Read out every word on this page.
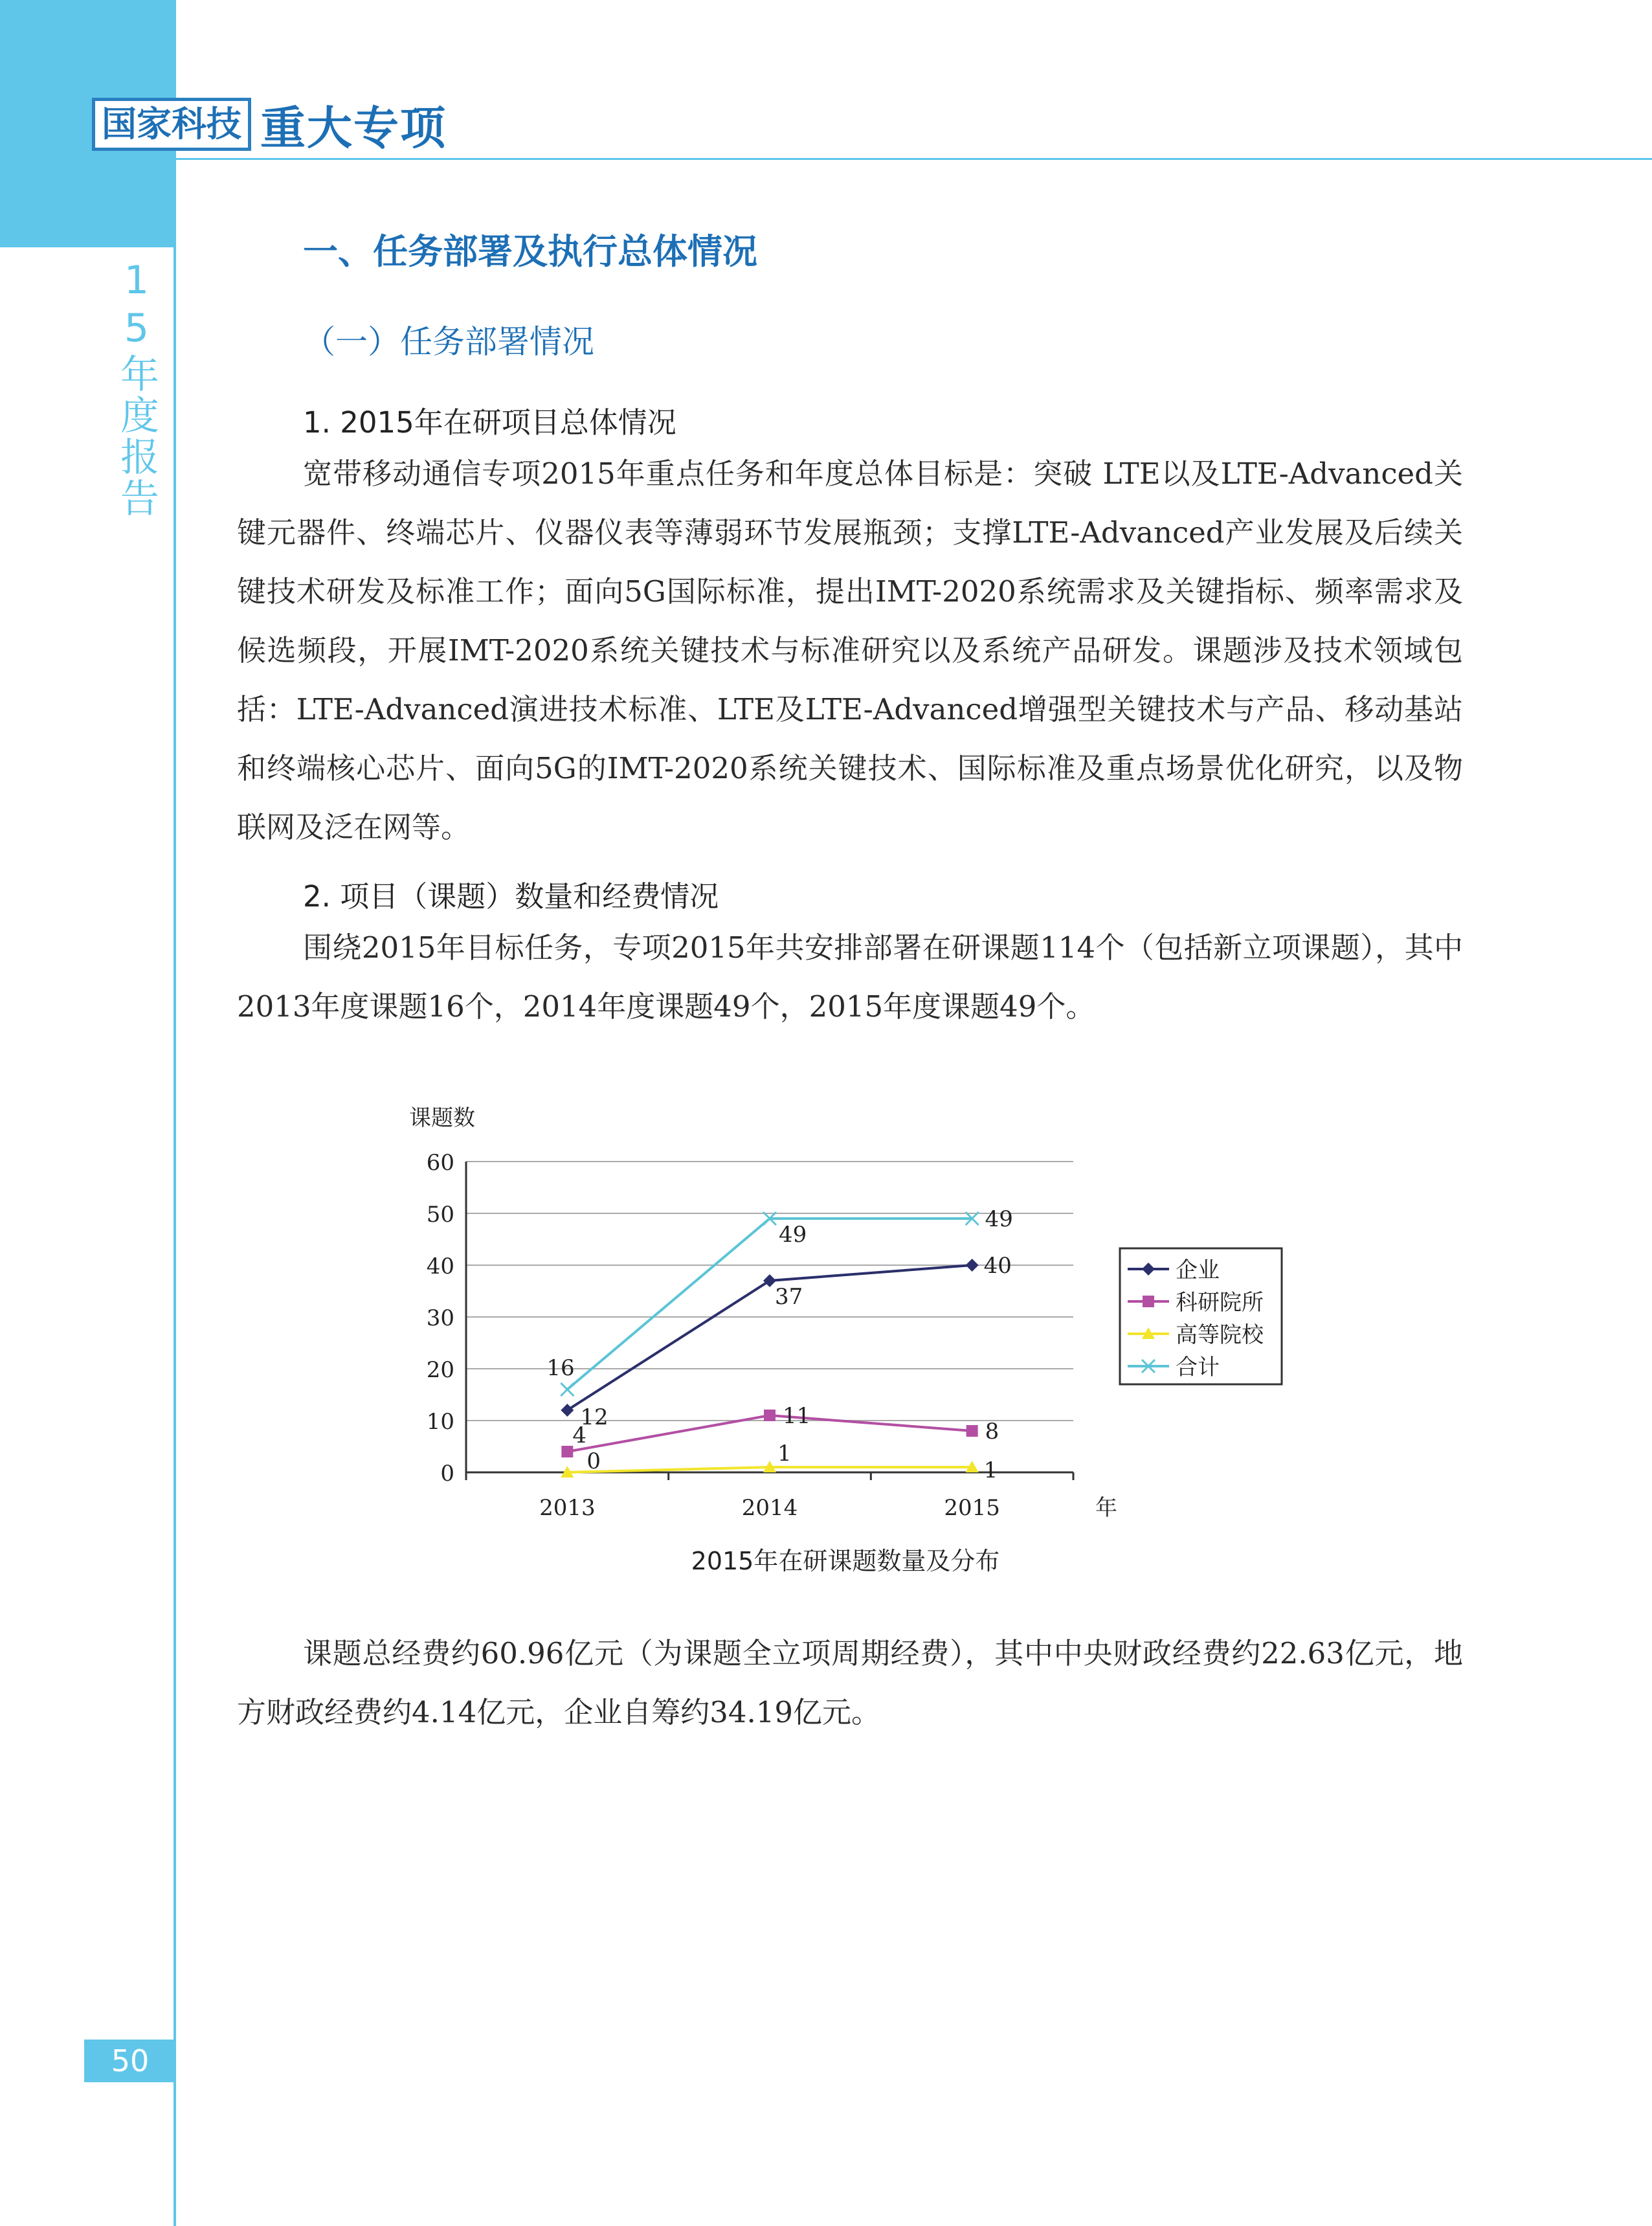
国家科技 重大专项
2015年度报告	一、任务部署及执行总体情况
（一）任务部署情况
1. 2015年在研项目总体情况

宽带移动通信专项2015年重点任务和年度总体目标是：突破 LTE以及LTE-Advanced关键元器件、终端芯片、仪器仪表等薄弱环节发展瓶颈；支撑LTE-Advanced产业发展及后续关键技术研发及标准工作；面向5G国际标准，提出IMT-2020系统需求及关键指标、频率需求及候选频段，开展IMT-2020系统关键技术与标准研究以及系统产品研发。课题涉及技术领域包括：LTE-Advanced演进技术标准、LTE及LTE-Advanced增强型关键技术与产品、移动基站和终端核心芯片、面向5G的IMT-2020系统关键技术、国际标准及重点场景优化研究，以及物联网及泛在网等。

2. 项目（课题）数量和经费情况

围绕2015年目标任务，专项2015年共安排部署在研课题114个（包括新立项课题），其中2013年度课题16个，2014年度课题49个，2015年度课题49个。

0
10
20
30
40
50
60
2013	2014	2015
课题数
年
12
37
40
4
11
8
0	1
1
16
49
49
企业
科研院所
高等院校
合计
2015年在研课题数量及分布

课题总经费约60.96亿元（为课题全立项周期经费），其中中央财政经费约22.63亿元，地方财政经费约4.14亿元，企业自筹约34.19亿元。

50
